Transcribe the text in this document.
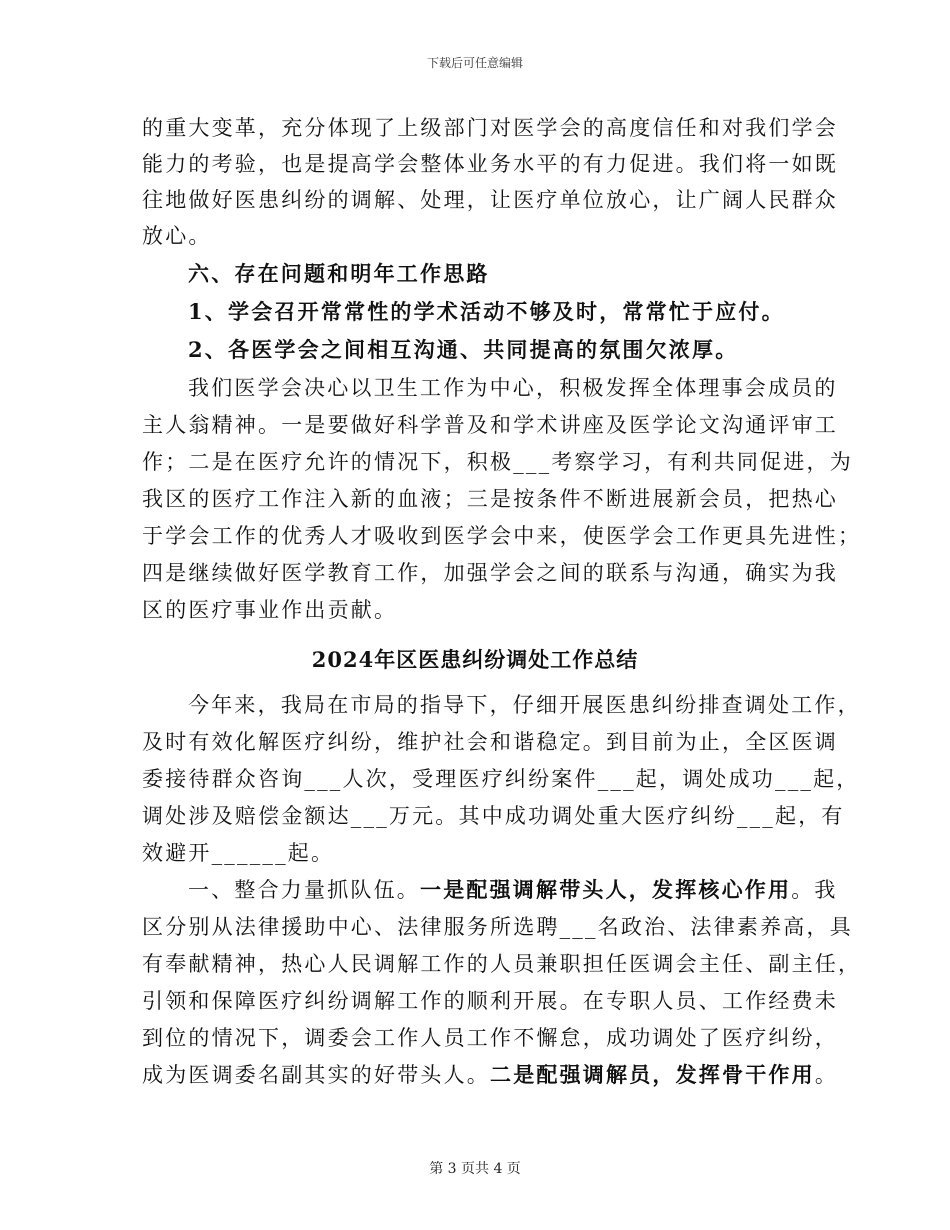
下载后可任意编辑
的重大变革，充分体现了上级部门对医学会的高度信任和对我们学会
能力的考验，也是提高学会整体业务水平的有力促进。我们将一如既
往地做好医患纠纷的调解、处理，让医疗单位放心，让广阔人民群众
放心。
六、存在问题和明年工作思路
1、学会召开常常性的学术活动不够及时，常常忙于应付。
2、各医学会之间相互沟通、共同提高的氛围欠浓厚。
我们医学会决心以卫生工作为中心，积极发挥全体理事会成员的
主人翁精神。一是要做好科学普及和学术讲座及医学论文沟通评审工
作；二是在医疗允许的情况下，积极___考察学习，有利共同促进，为
我区的医疗工作注入新的血液；三是按条件不断进展新会员，把热心
于学会工作的优秀人才吸收到医学会中来，使医学会工作更具先进性；
四是继续做好医学教育工作，加强学会之间的联系与沟通，确实为我
区的医疗事业作出贡献。
2024年区医患纠纷调处工作总结
今年来，我局在市局的指导下，仔细开展医患纠纷排查调处工作，
及时有效化解医疗纠纷，维护社会和谐稳定。到目前为止，全区医调
委接待群众咨询___人次，受理医疗纠纷案件___起，调处成功___起，
调处涉及赔偿金额达___万元。其中成功调处重大医疗纠纷___起，有
效避开______起。
一、整合力量抓队伍。一是配强调解带头人，发挥核心作用。我
区分别从法律援助中心、法律服务所选聘___名政治、法律素养高，具
有奉献精神，热心人民调解工作的人员兼职担任医调会主任、副主任，
引领和保障医疗纠纷调解工作的顺利开展。在专职人员、工作经费未
到位的情况下，调委会工作人员工作不懈怠，成功调处了医疗纠纷，
成为医调委名副其实的好带头人。二是配强调解员，发挥骨干作用。
第 3 页共 4 页
